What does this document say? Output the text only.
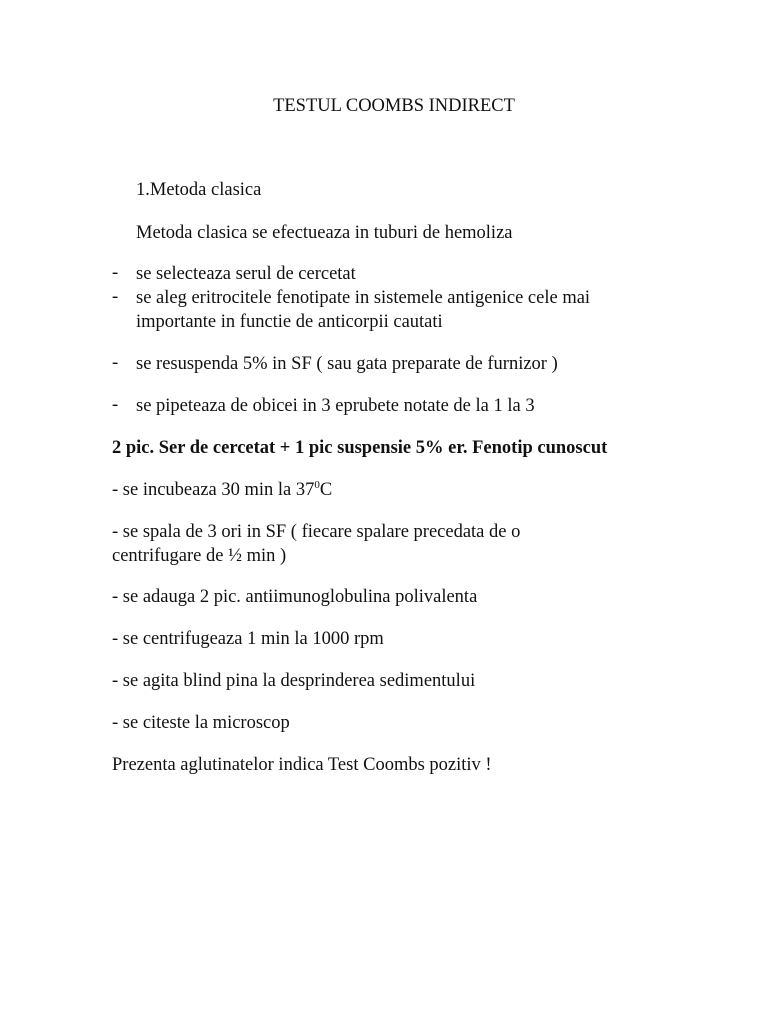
TESTUL COOMBS INDIRECT
1.Metoda clasica
Metoda clasica se efectueaza in tuburi de hemoliza
- se selecteaza serul de cercetat
- se aleg eritrocitele fenotipate in sistemele antigenice cele mai
importante in functie de anticorpii cautati
- se resuspenda 5% in SF ( sau gata preparate de furnizor )
- se pipeteaza de obicei in 3 eprubete notate de la 1 la 3
2 pic. Ser de cercetat + 1 pic suspensie 5% er. Fenotip cunoscut
- se incubeaza 30 min la $37^0C$
- se spala de 3 ori in SF ( fiecare spalare precedata de o
centrifugare de ½ min )
- se adauga 2 pic. antiimunoglobulina polivalenta
- se centrifugeaza 1 min la 1000 rpm
- se agita blind pina la desprinderea sedimentului
- se citeste la microscop
Prezenta aglutinatelor indica Test Coombs pozitiv !
